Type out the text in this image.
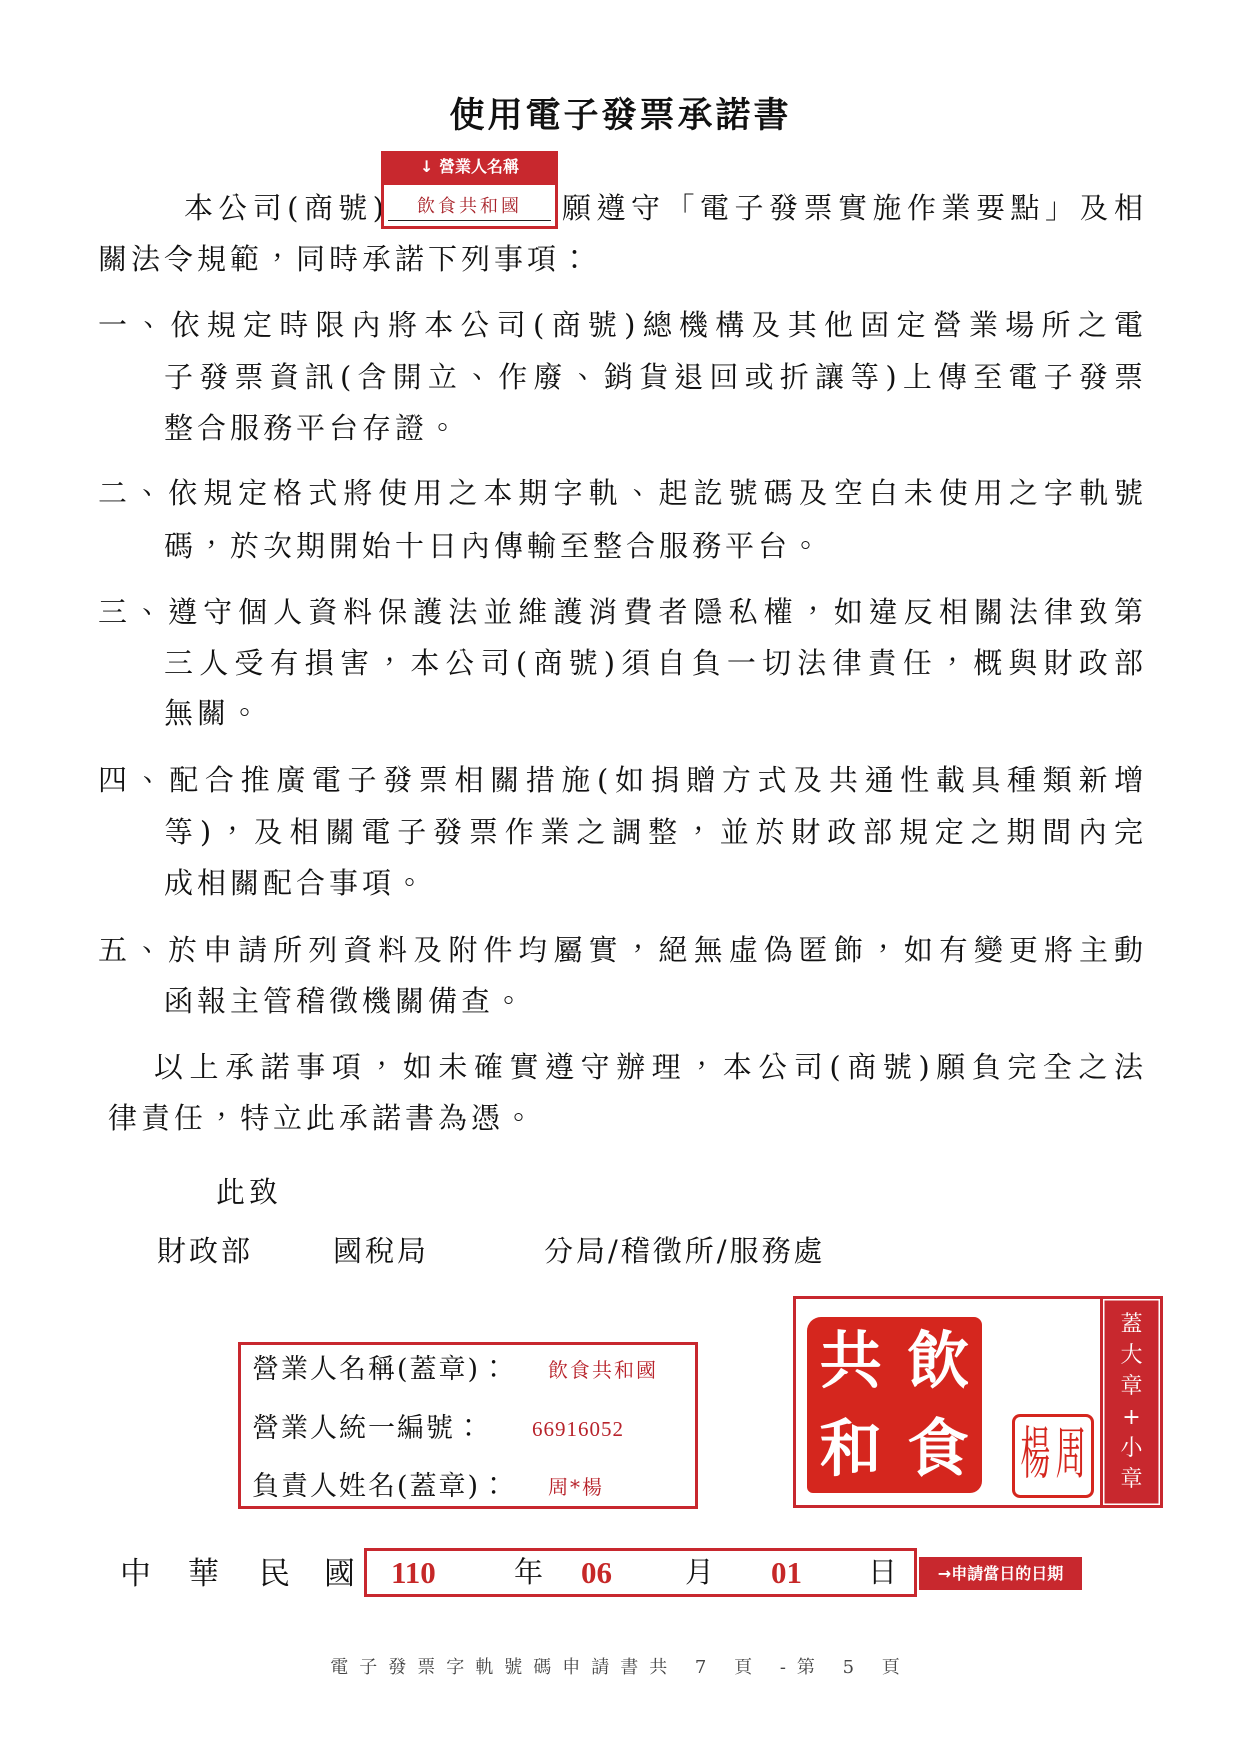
使用電子發票承諾書
↓ 營業人名稱
本公司(商號)	飲食共和國	願遵守「電子發票實施作業要點」及相
關法令規範，同時承諾下列事項：
一、依規定時限內將本公司(商號)總機構及其他固定營業場所之電
子發票資訊(含開立、作廢、銷貨退回或折讓等)上傳至電子發票
整合服務平台存證。
二、依規定格式將使用之本期字軌、起訖號碼及空白未使用之字軌號
碼，於次期開始十日內傳輸至整合服務平台。
三、遵守個人資料保護法並維護消費者隱私權，如違反相關法律致第
三人受有損害，本公司(商號)須自負一切法律責任，概與財政部
無關。
四、配合推廣電子發票相關措施(如捐贈方式及共通性載具種類新增
等)，及相關電子發票作業之調整，並於財政部規定之期間內完
成相關配合事項。
五、於申請所列資料及附件均屬實，絕無虛偽匿飾，如有變更將主動
函報主管稽徵機關備查。
以上承諾事項，如未確實遵守辦理，本公司(商號)願負完全之法
律責任，特立此承諾書為憑。
此致
財政部	國稅局	分局/稽徵所/服務處
營業人名稱(蓋章)： 飲食共和國
營業人統一編號： 66916052
負責人姓名(蓋章)： 周*楊
蓋
大
章
+
小
章
飲
食
共
和	周
楊
中 華 民 國 110	年 06	月 01 日	→申請當日的日期
電子發票字軌號碼申請書共 7 頁 -第 5 頁
